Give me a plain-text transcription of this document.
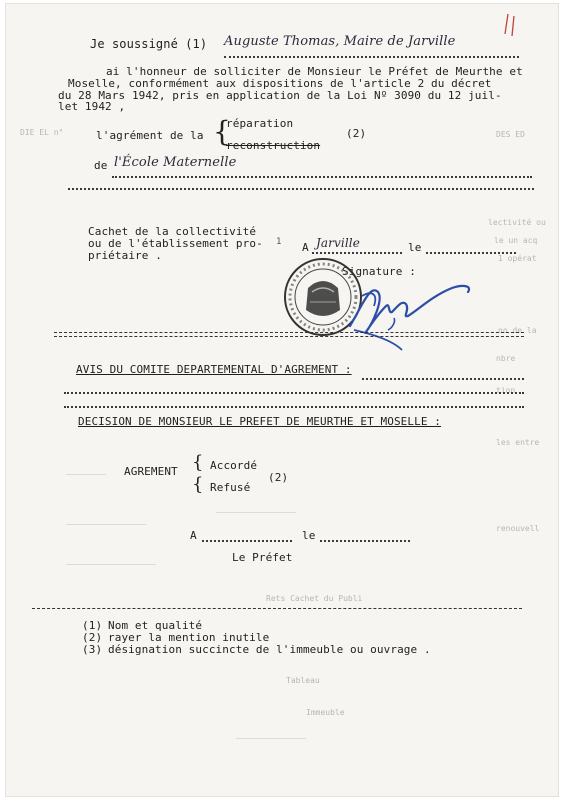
Je soussigné (1) Auguste Thomas, Maire de Jarville
ai l'honneur de solliciter de Monsieur le Préfet de Meurthe et
Moselle, conformément aux dispositions de l'article 2 du décret
du 28 Mars 1942, pris en application de la Loi Nº 3090 du 12 juil-
let 1942 ,
l'agrément de la {
réparation
reconstruction
(2)
de l'École Maternelle
DIE EL n°	DES ED
lectivité ou
le un acq
1 opérat
no de la
nbre
tion
les entre
renouvell
Rets Cachet du Publi
Tableau
Immeuble
Cachet de la collectivité
ou de l'établissement pro-
priétaire .
A Jarville	le
Signature :
1
AVIS DU COMITE DEPARTEMENTAL D'AGREMENT :
DECISION DE MONSIEUR LE PREFET DE MEURTHE ET MOSELLE :
AGREMENT {
{
Accordé
Refusé
(2)
A	le
Le Préfet
(1) Nom et qualité
(2) rayer la mention inutile
(3) désignation succincte de l'immeuble ou ouvrage .
